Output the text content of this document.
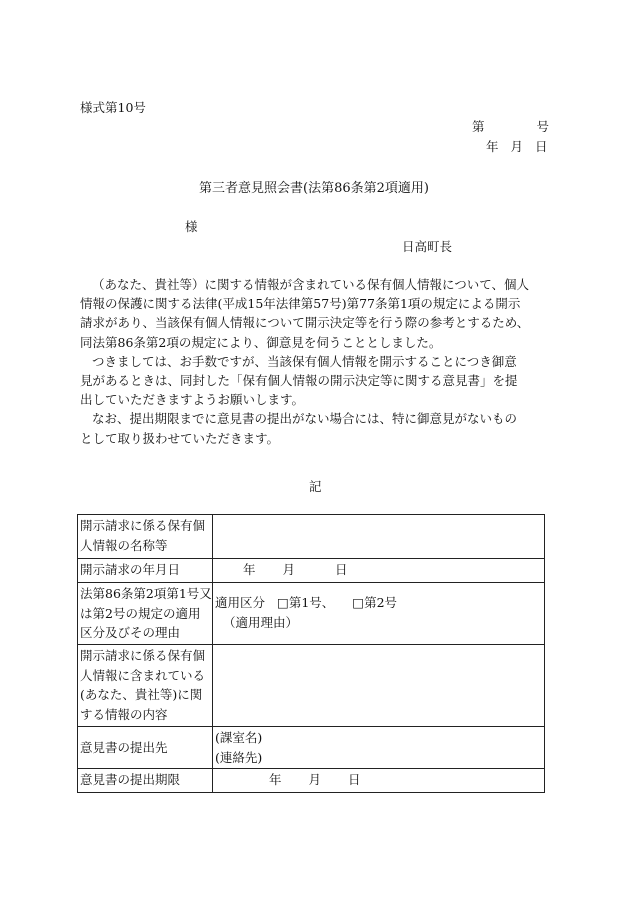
様式第10号
第	号
年 月 日
第三者意見照会書(法第86条第2項適用)
様
日高町長
（あなた、貴社等）に関する情報が含まれている保有個人情報について、個人
情報の保護に関する法律(平成15年法律第57号)第77条第1項の規定による開示
請求があり、当該保有個人情報について開示決定等を行う際の参考とするため、
同法第86条第2項の規定により、御意見を伺うこととしました。
つきましては、お手数ですが、当該保有個人情報を開示することにつき御意
見があるときは、同封した「保有個人情報の開示決定等に関する意見書」を提
出していただきますようお願いします。
なお、提出期限までに意見書の提出がない場合には、特に御意見がないもの
として取り扱わせていただきます。
記
開示請求に係る保有個
人情報の名称等	

開示請求の年月日	年 月 日

法第86条第2項第1号又
は第2号の規定の適用
区分及びその理由	適用区分 □第1号、 □第2号
（適用理由）

開示請求に係る保有個
人情報に含まれている
(あなた、貴社等)に関
する情報の内容	

意見書の提出先	(課室名)
(連絡先)

意見書の提出期限	年 月 日
